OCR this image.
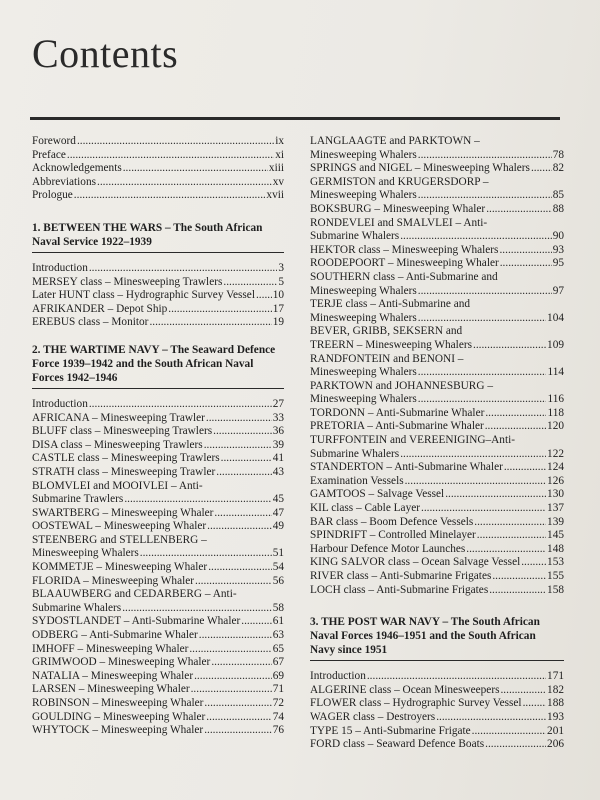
Contents
Foreword .....	ix
Preface .....	xi
Acknowledgements .....	xiii
Abbreviations .....	xv
Prologue .....	xvii
1. BETWEEN THE WARS – The South African
Naval Service 1922–1939
Introduction .....	3
MERSEY class – Minesweeping Trawlers .....	5
Later HUNT class – Hydrographic Survey Vessel ..... 10
AFRIKANDER – Depot Ship .....	17
EREBUS class – Monitor .....	19
2. THE WARTIME NAVY – The Seaward Defence
Force 1939–1942 and the South African Naval
Forces 1942–1946
Introduction .....	27
AFRICANA – Minesweeping Trawler .....	33
BLUFF class – Minesweeping Trawlers .....	36
DISA class – Minesweeping Trawlers .....	39
CASTLE class – Minesweeping Trawlers .....	41
STRATH class – Minesweeping Trawler .....	43
BLOMVLEI and MOOIVLEI – Anti-
Submarine Trawlers .....	45
SWARTBERG – Minesweeping Whaler .....	47
OOSTEWAL – Minesweeping Whaler .....	49
STEENBERG and STELLENBERG –
Minesweeping Whalers .....	51
KOMMETJE – Minesweeping Whaler .....	54
FLORIDA – Minesweeping Whaler .....	56
BLAAUWBERG and CEDARBERG – Anti-
Submarine Whalers .....	58
SYDOSTLANDET – Anti-Submarine Whaler .....	61
ODBERG – Anti-Submarine Whaler .....	63
IMHOFF – Minesweeping Whaler .....	65
GRIMWOOD – Minesweeping Whaler .....	67
NATALIA – Minesweeping Whaler .....	69
LARSEN – Minesweeping Whaler .....	71
ROBINSON – Minesweeping Whaler .....	72
GOULDING – Minesweeping Whaler .....	74
WHYTOCK – Minesweeping Whaler .....	76
LANGLAAGTE and PARKTOWN –
Minesweeping Whalers .....	78
SPRINGS and NIGEL – Minesweeping Whalers ..... 82
GERMISTON and KRUGERSDORP –
Minesweeping Whalers .....	85
BOKSBURG – Minesweeping Whaler .....	88
RONDEVLEI and SMALVLEI – Anti-
Submarine Whalers .....	90
HEKTOR class – Minesweeping Whalers .....	93
ROODEPOORT – Minesweeping Whaler .....	95
SOUTHERN class – Anti-Submarine and
Minesweeping Whalers .....	97
TERJE class – Anti-Submarine and
Minesweeping Whalers .....	104
BEVER, GRIBB, SEKSERN and
TREERN – Minesweeping Whalers .....	109
RANDFONTEIN and BENONI –
Minesweeping Whalers .....	114
PARKTOWN and JOHANNESBURG –
Minesweeping Whalers .....	116
TORDONN – Anti-Submarine Whaler .....	118
PRETORIA – Anti-Submarine Whaler .....	120
TURFFONTEIN and VEREENIGING–Anti-
Submarine Whalers .....	122
STANDERTON – Anti-Submarine Whaler .....	124
Examination Vessels .....	126
GAMTOOS – Salvage Vessel .....	130
KIL class – Cable Layer .....	137
BAR class – Boom Defence Vessels .....	139
SPINDRIFT – Controlled Minelayer .....	145
Harbour Defence Motor Launches .....	148
KING SALVOR class – Ocean Salvage Vessel ..... 153
RIVER class – Anti-Submarine Frigates .....	155
LOCH class – Anti-Submarine Frigates .....	158
3. THE POST WAR NAVY – The South African
Naval Forces 1946–1951 and the South African
Navy since 1951
Introduction .....	171
ALGERINE class – Ocean Minesweepers .....	182
FLOWER class – Hydrographic Survey Vessel ..... 188
WAGER class – Destroyers .....	193
TYPE 15 – Anti-Submarine Frigate .....	201
FORD class – Seaward Defence Boats .....	206
